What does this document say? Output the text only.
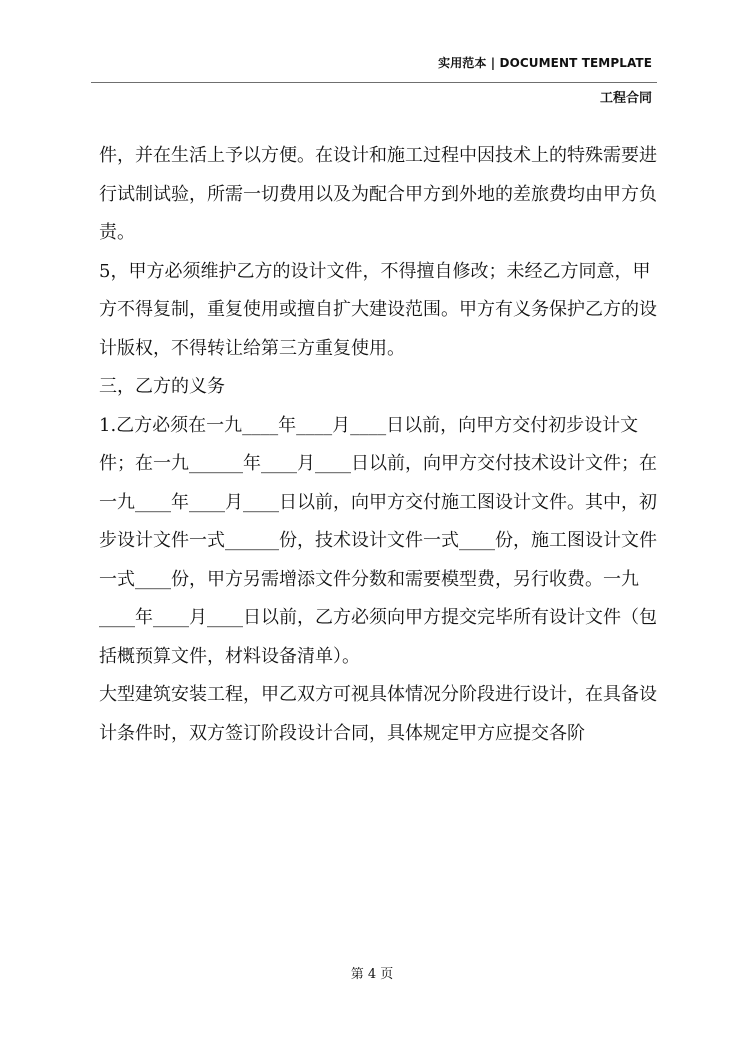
实用范本 | DOCUMENT TEMPLATE
工程合同

件，并在生活上予以方便。在设计和施工过程中因技术上的特殊需要进行试制试验，所需一切费用以及为配合甲方到外地的差旅费均由甲方负责。

5，甲方必须维护乙方的设计文件，不得擅自修改；未经乙方同意，甲方不得复制，重复使用或擅自扩大建设范围。甲方有义务保护乙方的设计版权，不得转让给第三方重复使用。

三，乙方的义务

1.乙方必须在一九____年____月____日以前，向甲方交付初步设计文件；在一九______年____月____日以前，向甲方交付技术设计文件；在一九____年____月____日以前，向甲方交付施工图设计文件。其中，初步设计文件一式______份，技术设计文件一式____份，施工图设计文件一式____份，甲方另需增添文件分数和需要模型费，另行收费。一九____年____月____日以前，乙方必须向甲方提交完毕所有设计文件（包括概预算文件，材料设备清单）。

大型建筑安装工程，甲乙双方可视具体情况分阶段进行设计，在具备设计条件时，双方签订阶段设计合同，具体规定甲方应提交各阶

第 4 页
